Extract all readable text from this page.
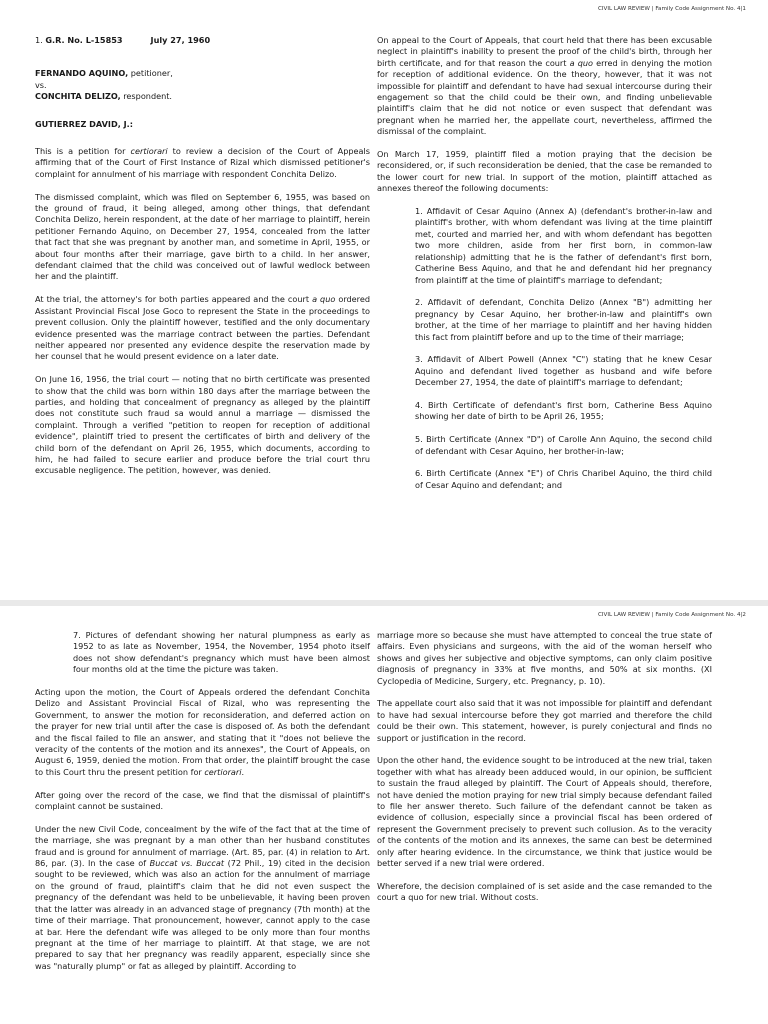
CIVIL LAW REVIEW | Family Code Assignment No. 4|1
CIVIL LAW REVIEW | Family Code Assignment No. 4|2

1. G.R. No. L-15853	July 27, 1960

FERNANDO AQUINO, petitioner,

vs.

CONCHITA DELIZO, respondent.

GUTIERREZ DAVID, J.:

This is a petition for certiorari to review a decision of the Court of Appeals affirming that of the Court of First Instance of Rizal which dismissed petitioner's complaint for annulment of his marriage with respondent Conchita Delizo.

The dismissed complaint, which was filed on September 6, 1955, was based on the ground of fraud, it being alleged, among other things, that defendant Conchita Delizo, herein respondent, at the date of her marriage to plaintiff, herein petitioner Fernando Aquino, on December 27, 1954, concealed from the latter that fact that she was pregnant by another man, and sometime in April, 1955, or about four months after their marriage, gave birth to a child. In her answer, defendant claimed that the child was conceived out of lawful wedlock between her and the plaintiff.

At the trial, the attorney's for both parties appeared and the court a quo ordered Assistant Provincial Fiscal Jose Goco to represent the State in the proceedings to prevent collusion. Only the plaintiff however, testified and the only documentary evidence presented was the marriage contract between the parties. Defendant neither appeared nor presented any evidence despite the reservation made by her counsel that he would present evidence on a later date.

On June 16, 1956, the trial court — noting that no birth certificate was presented to show that the child was born within 180 days after the marriage between the parties, and holding that concealment of pregnancy as alleged by the plaintiff does not constitute such fraud sa would annul a marriage — dismissed the complaint. Through a verified "petition to reopen for reception of additional evidence", plaintiff tried to present the certificates of birth and delivery of the child born of the defendant on April 26, 1955, which documents, according to him, he had failed to secure earlier and produce before the trial court thru excusable negligence. The petition, however, was denied.

On appeal to the Court of Appeals, that court held that there has been excusable neglect in plaintiff's inability to present the proof of the child's birth, through her birth certificate, and for that reason the court a quo erred in denying the motion for reception of additional evidence. On the theory, however, that it was not impossible for plaintiff and defendant to have had sexual intercourse during their engagement so that the child could be their own, and finding unbelievable plaintiff's claim that he did not notice or even suspect that defendant was pregnant when he married her, the appellate court, nevertheless, affirmed the dismissal of the complaint.

On March 17, 1959, plaintiff filed a motion praying that the decision be reconsidered, or, if such reconsideration be denied, that the case be remanded to the lower court for new trial. In support of the motion, plaintiff attached as annexes thereof the following documents:

1. Affidavit of Cesar Aquino (Annex A) (defendant's brother-in-law and plaintiff's brother, with whom defendant was living at the time plaintiff met, courted and married her, and with whom defendant has begotten two more children, aside from her first born, in common-law relationship) admitting that he is the father of defendant's first born, Catherine Bess Aquino, and that he and defendant hid her pregnancy from plaintiff at the time of plaintiff's marriage to defendant;

2. Affidavit of defendant, Conchita Delizo (Annex "B") admitting her pregnancy by Cesar Aquino, her brother-in-law and plaintiff's own brother, at the time of her marriage to plaintiff and her having hidden this fact from plaintiff before and up to the time of their marriage;

3. Affidavit of Albert Powell (Annex "C") stating that he knew Cesar Aquino and defendant lived together as husband and wife before December 27, 1954, the date of plaintiff's marriage to defendant;

4. Birth Certificate of defendant's first born, Catherine Bess Aquino showing her date of birth to be April 26, 1955;

5. Birth Certificate (Annex "D") of Carolle Ann Aquino, the second child of defendant with Cesar Aquino, her brother-in-law;

6. Birth Certificate (Annex "E") of Chris Charibel Aquino, the third child of Cesar Aquino and defendant; and

7. Pictures of defendant showing her natural plumpness as early as 1952 to as late as November, 1954, the November, 1954 photo itself does not show defendant's pregnancy which must have been almost four months old at the time the picture was taken.

Acting upon the motion, the Court of Appeals ordered the defendant Conchita Delizo and Assistant Provincial Fiscal of Rizal, who was representing the Government, to answer the motion for reconsideration, and deferred action on the prayer for new trial until after the case is disposed of. As both the defendant and the fiscal failed to file an answer, and stating that it "does not believe the veracity of the contents of the motion and its annexes", the Court of Appeals, on August 6, 1959, denied the motion. From that order, the plaintiff brought the case to this Court thru the present petition for certiorari.

After going over the record of the case, we find that the dismissal of plaintiff's complaint cannot be sustained.

Under the new Civil Code, concealment by the wife of the fact that at the time of the marriage, she was pregnant by a man other than her husband constitutes fraud and is ground for annulment of marriage. (Art. 85, par. (4) in relation to Art. 86, par. (3). In the case of Buccat vs. Buccat (72 Phil., 19) cited in the decision sought to be reviewed, which was also an action for the annulment of marriage on the ground of fraud, plaintiff's claim that he did not even suspect the pregnancy of the defendant was held to be unbelievable, it having been proven that the latter was already in an advanced stage of pregnancy (7th month) at the time of their marriage. That pronouncement, however, cannot apply to the case at bar. Here the defendant wife was alleged to be only more than four months pregnant at the time of her marriage to plaintiff. At that stage, we are not prepared to say that her pregnancy was readily apparent, especially since she was "naturally plump" or fat as alleged by plaintiff. According to

marriage more so because she must have attempted to conceal the true state of affairs. Even physicians and surgeons, with the aid of the woman herself who shows and gives her subjective and objective symptoms, can only claim positive diagnosis of pregnancy in 33% at five months, and 50% at six months. (XI Cyclopedia of Medicine, Surgery, etc. Pregnancy, p. 10).

The appellate court also said that it was not impossible for plaintiff and defendant to have had sexual intercourse before they got married and therefore the child could be their own. This statement, however, is purely conjectural and finds no support or justification in the record.

Upon the other hand, the evidence sought to be introduced at the new trial, taken together with what has already been adduced would, in our opinion, be sufficient to sustain the fraud alleged by plaintiff. The Court of Appeals should, therefore, not have denied the motion praying for new trial simply because defendant failed to file her answer thereto. Such failure of the defendant cannot be taken as evidence of collusion, especially since a provincial fiscal has been ordered of represent the Government precisely to prevent such collusion. As to the veracity of the contents of the motion and its annexes, the same can best be determined only after hearing evidence. In the circumstance, we think that justice would be better served if a new trial were ordered.

Wherefore, the decision complained of is set aside and the case remanded to the court a quo for new trial. Without costs.
